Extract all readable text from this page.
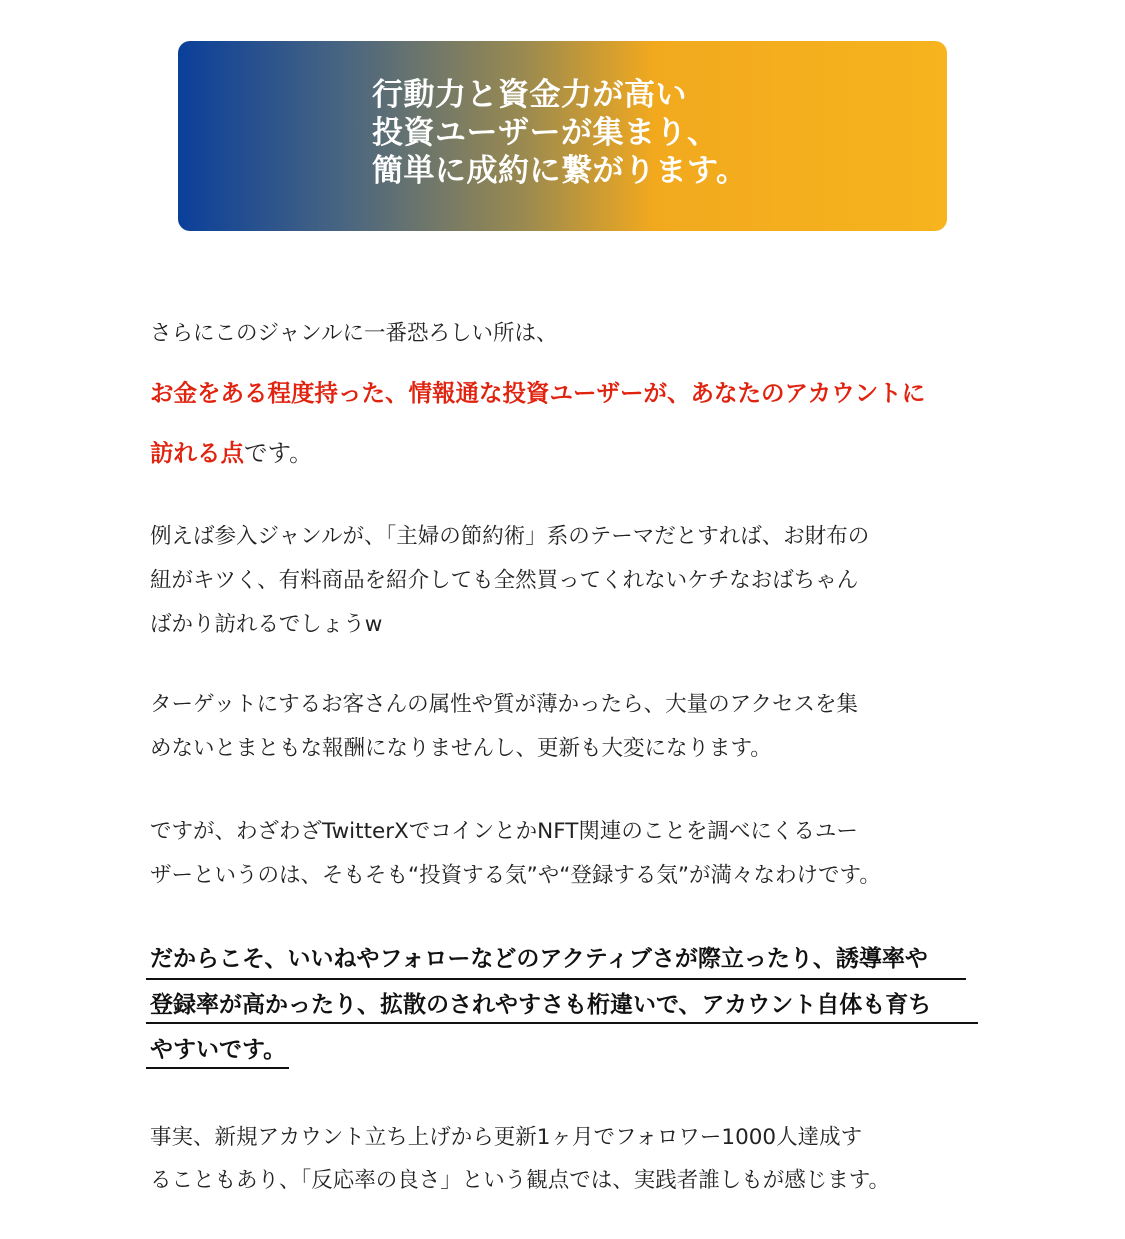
行動力と資金力が高い
投資ユーザーが集まり、
簡単に成約に繋がります。
さらにこのジャンルに一番恐ろしい所は、
お金をある程度持った、情報通な投資ユーザーが、あなたのアカウントに
訪れる点です。
例えば参入ジャンルが、「主婦の節約術」系のテーマだとすれば、お財布の
紐がキツく、有料商品を紹介しても全然買ってくれないケチなおばちゃん
ばかり訪れるでしょうw
ターゲットにするお客さんの属性や質が薄かったら、大量のアクセスを集
めないとまともな報酬になりませんし、更新も大変になります。
ですが、わざわざTwitterXでコインとかNFT関連のことを調べにくるユー
ザーというのは、そもそも“投資する気”や“登録する気”が満々なわけです。
だからこそ、いいねやフォローなどのアクティブさが際立ったり、誘導率や
登録率が高かったり、拡散のされやすさも桁違いで、アカウント自体も育ち
やすいです。
事実、新規アカウント立ち上げから更新1ヶ月でフォロワー1000人達成す
ることもあり、「反応率の良さ」という観点では、実践者誰しもが感じます。
